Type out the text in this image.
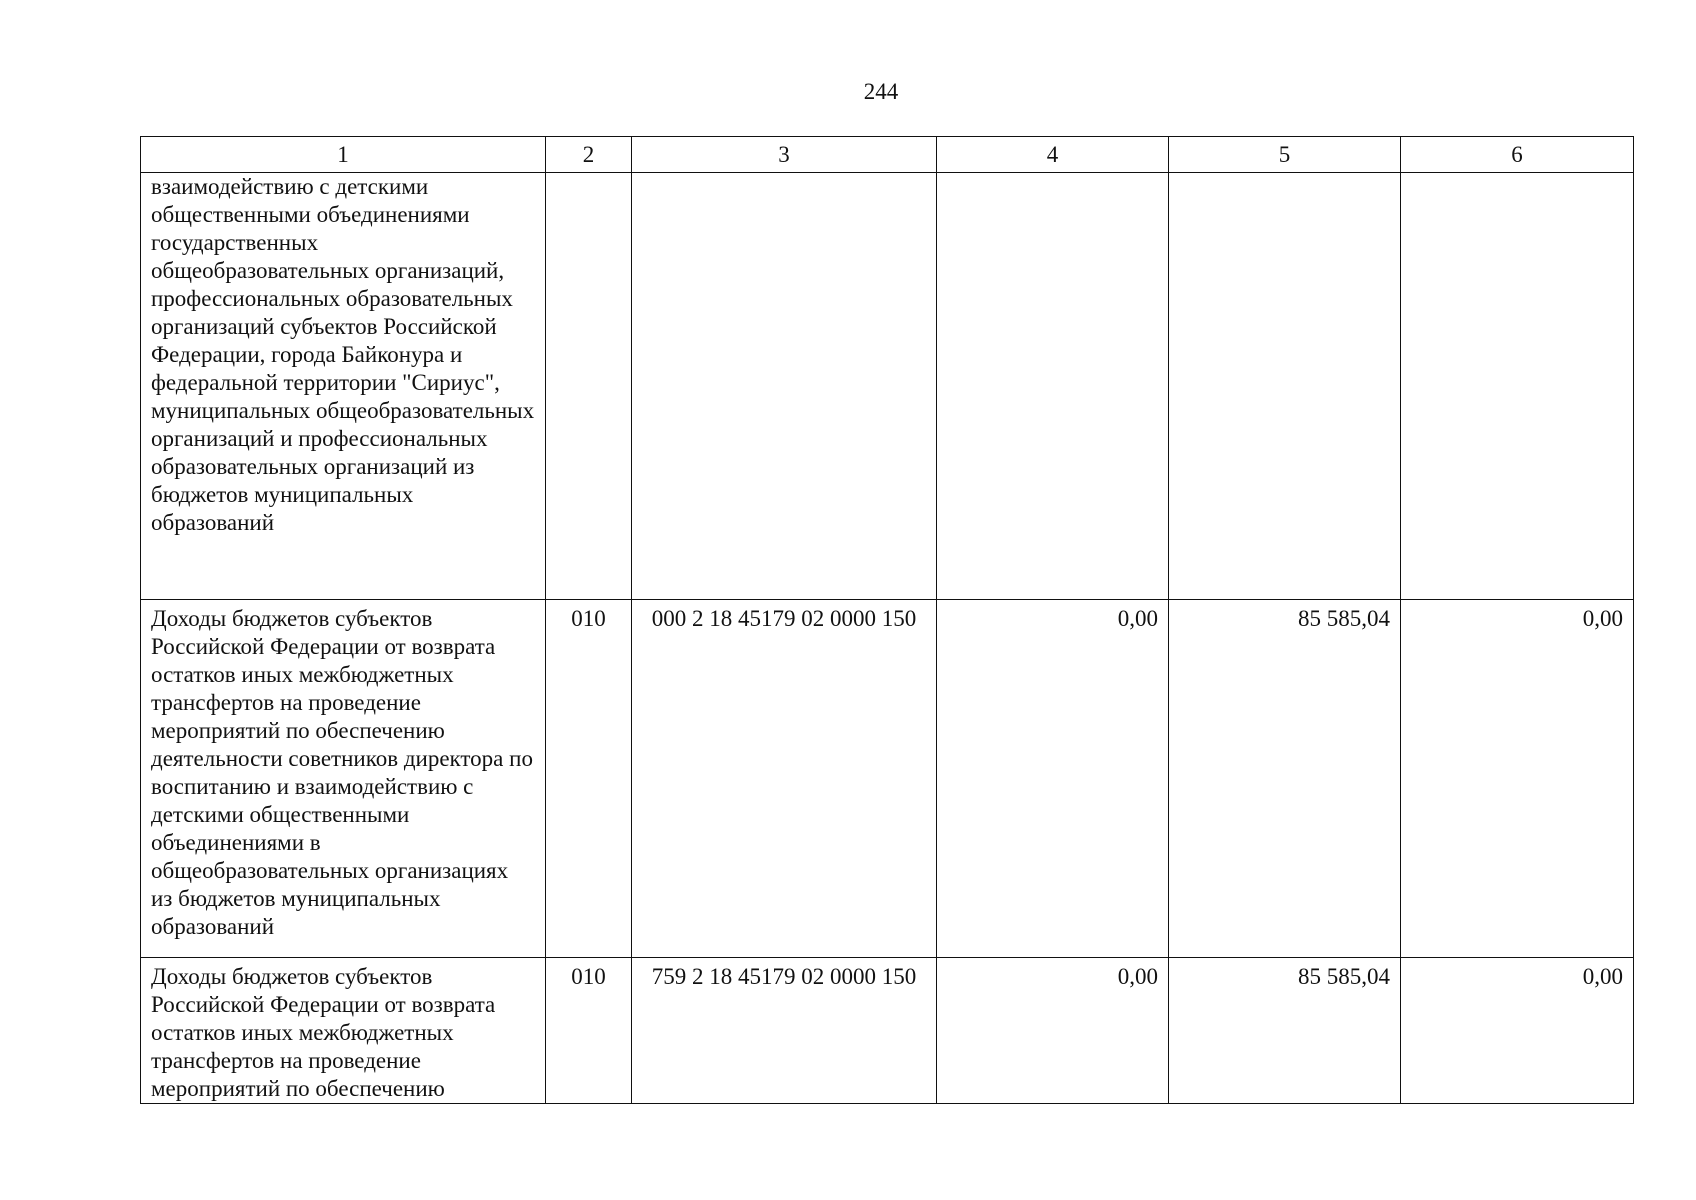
244
1	2	3	4	5	6
взаимодействию с детскими общественными объединениями государственных общеобразовательных организаций, профессиональных образовательных организаций субъектов Российской Федерации, города Байконура и федеральной территории "Сириус", муниципальных общеобразовательных организаций и профессиональных образовательных организаций из бюджетов муниципальных образований					
Доходы бюджетов субъектов Российской Федерации от возврата остатков иных межбюджетных трансфертов на проведение мероприятий по обеспечению деятельности советников директора по воспитанию и взаимодействию с детскими общественными объединениями в общеобразовательных организациях из бюджетов муниципальных образований	010	000 2 18 45179 02 0000 150	0,00	85 585,04	0,00
Доходы бюджетов субъектов Российской Федерации от возврата остатков иных межбюджетных трансфертов на проведение мероприятий по обеспечению	010	759 2 18 45179 02 0000 150	0,00	85 585,04	0,00
